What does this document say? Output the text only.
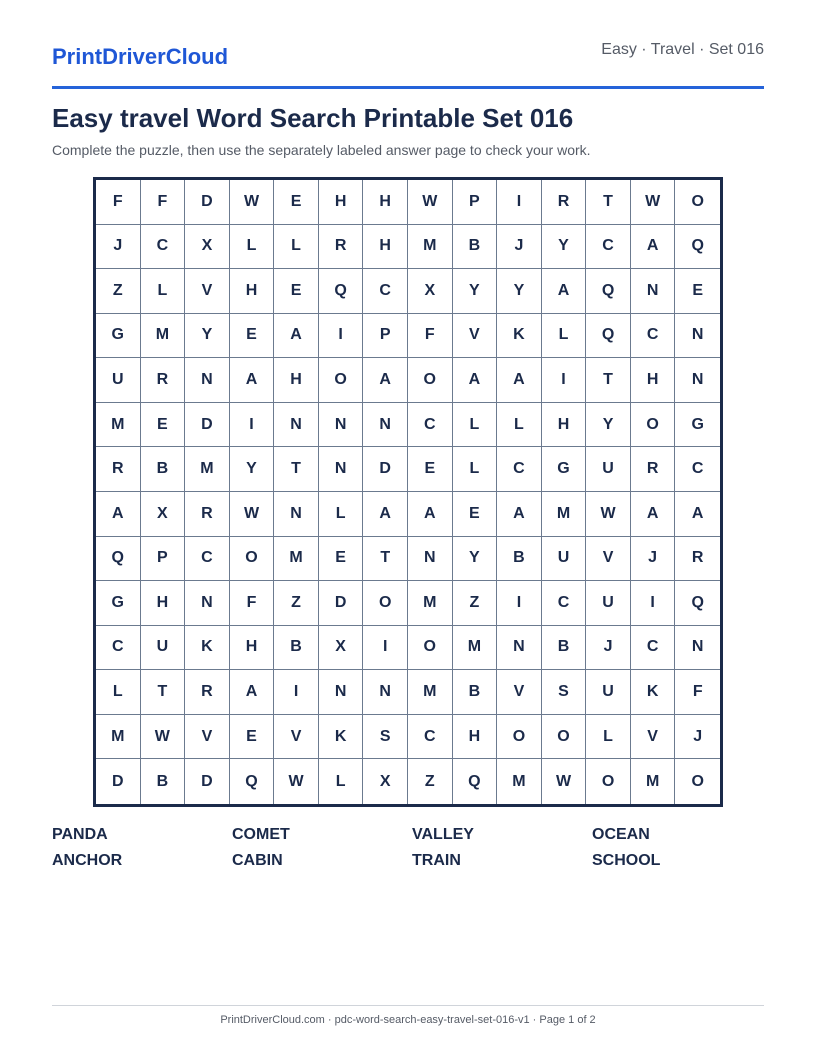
PrintDriverCloud	Easy · Travel · Set 016
Easy travel Word Search Printable Set 016
Complete the puzzle, then use the separately labeled answer page to check your work.
F	F	D	W	E	H	H	W	P	I	R	T	W	O
J	C	X	L	L	R	H	M	B	J	Y	C	A	Q
Z	L	V	H	E	Q	C	X	Y	Y	A	Q	N	E
G	M	Y	E	A	I	P	F	V	K	L	Q	C	N
U	R	N	A	H	O	A	O	A	A	I	T	H	N
M	E	D	I	N	N	N	C	L	L	H	Y	O	G
R	B	M	Y	T	N	D	E	L	C	G	U	R	C
A	X	R	W	N	L	A	A	E	A	M	W	A	A
Q	P	C	O	M	E	T	N	Y	B	U	V	J	R
G	H	N	F	Z	D	O	M	Z	I	C	U	I	Q
C	U	K	H	B	X	I	O	M	N	B	J	C	N
L	T	R	A	I	N	N	M	B	V	S	U	K	F
M	W	V	E	V	K	S	C	H	O	O	L	V	J
D	B	D	Q	W	L	X	Z	Q	M	W	O	M	O
PANDA	COMET	VALLEY	OCEAN
ANCHOR	CABIN	TRAIN	SCHOOL
PrintDriverCloud.com · pdc-word-search-easy-travel-set-016-v1 · Page 1 of 2
